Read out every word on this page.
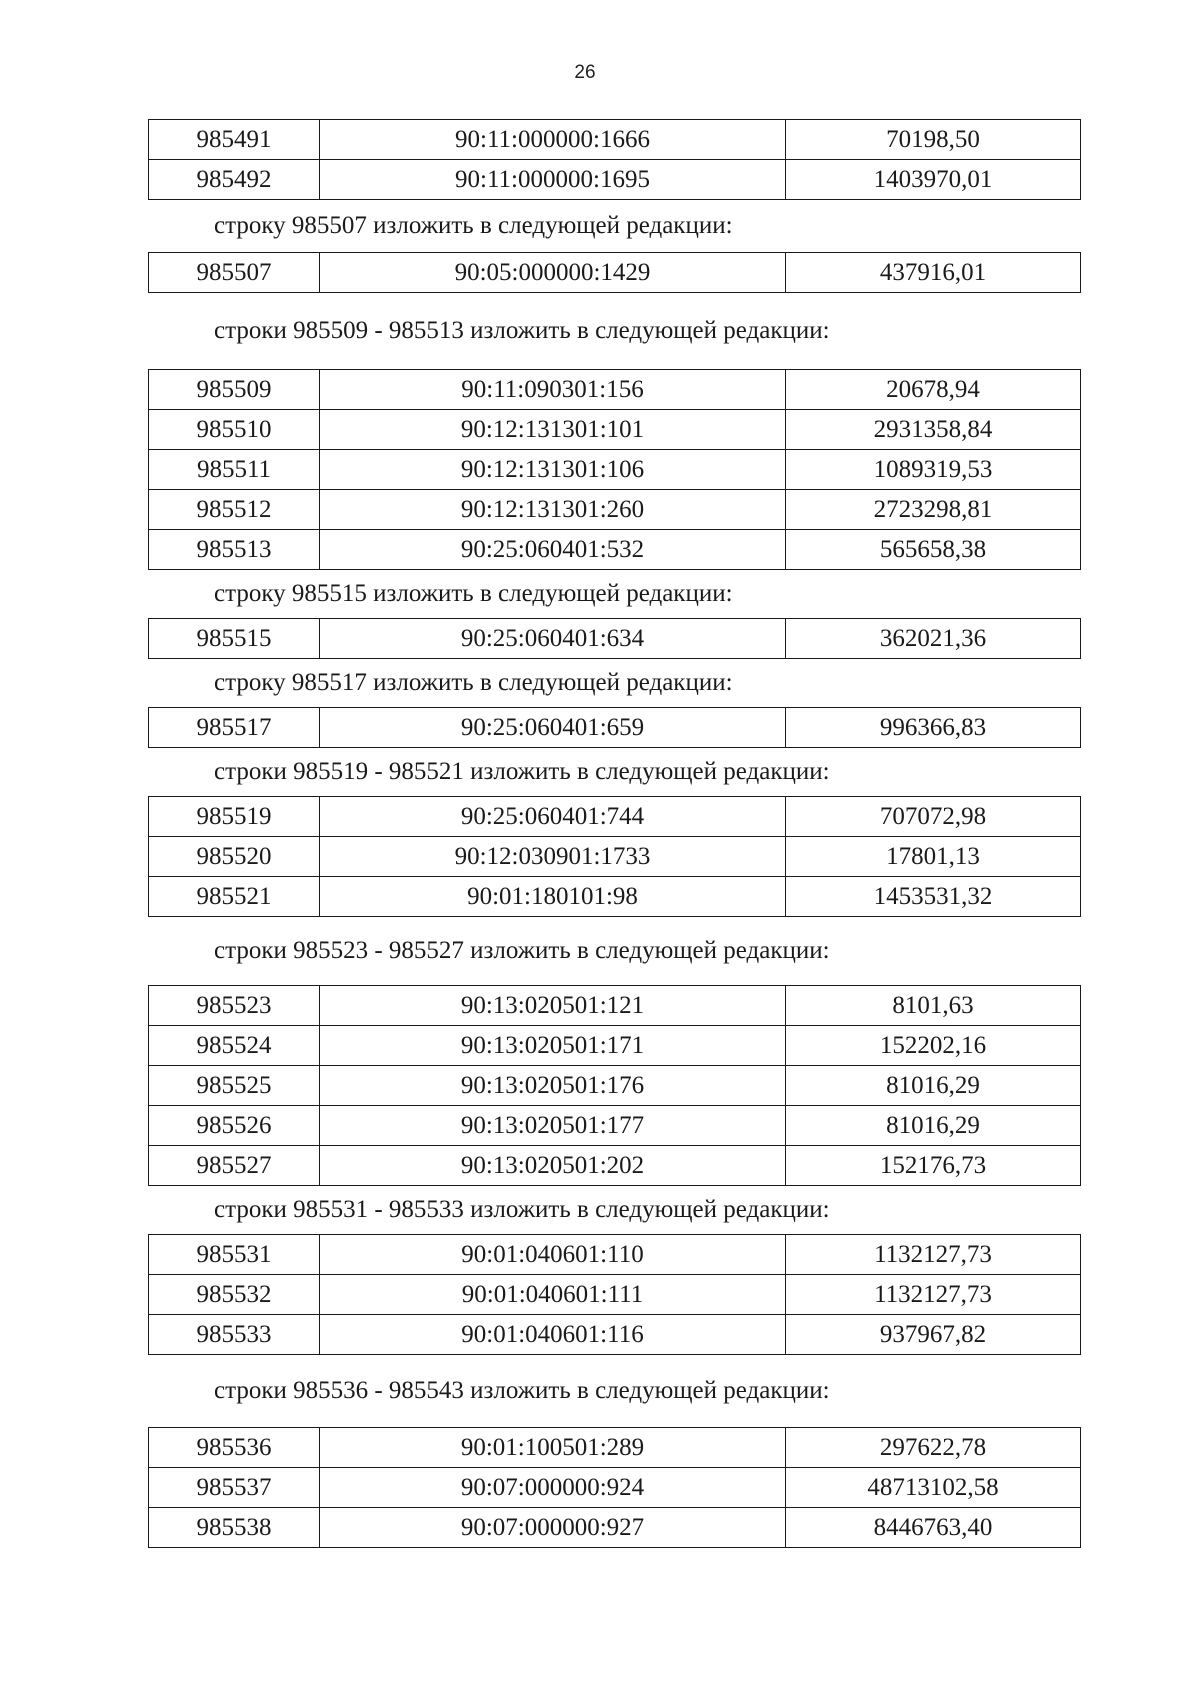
26
985491	90:11:000000:1666	70198,50
985492	90:11:000000:1695	1403970,01

строку 985507 изложить в следующей редакции:

985507	90:05:000000:1429	437916,01

строки 985509 - 985513 изложить в следующей редакции:

985509	90:11:090301:156	20678,94
985510	90:12:131301:101	2931358,84
985511	90:12:131301:106	1089319,53
985512	90:12:131301:260	2723298,81
985513	90:25:060401:532	565658,38

строку 985515 изложить в следующей редакции:

985515	90:25:060401:634	362021,36

строку 985517 изложить в следующей редакции:

985517	90:25:060401:659	996366,83

строки 985519 - 985521 изложить в следующей редакции:

985519	90:25:060401:744	707072,98
985520	90:12:030901:1733	17801,13
985521	90:01:180101:98	1453531,32

строки 985523 - 985527 изложить в следующей редакции:

985523	90:13:020501:121	8101,63
985524	90:13:020501:171	152202,16
985525	90:13:020501:176	81016,29
985526	90:13:020501:177	81016,29
985527	90:13:020501:202	152176,73

строки 985531 - 985533 изложить в следующей редакции:

985531	90:01:040601:110	1132127,73
985532	90:01:040601:111	1132127,73
985533	90:01:040601:116	937967,82

строки 985536 - 985543 изложить в следующей редакции:

985536	90:01:100501:289	297622,78
985537	90:07:000000:924	48713102,58
985538	90:07:000000:927	8446763,40
